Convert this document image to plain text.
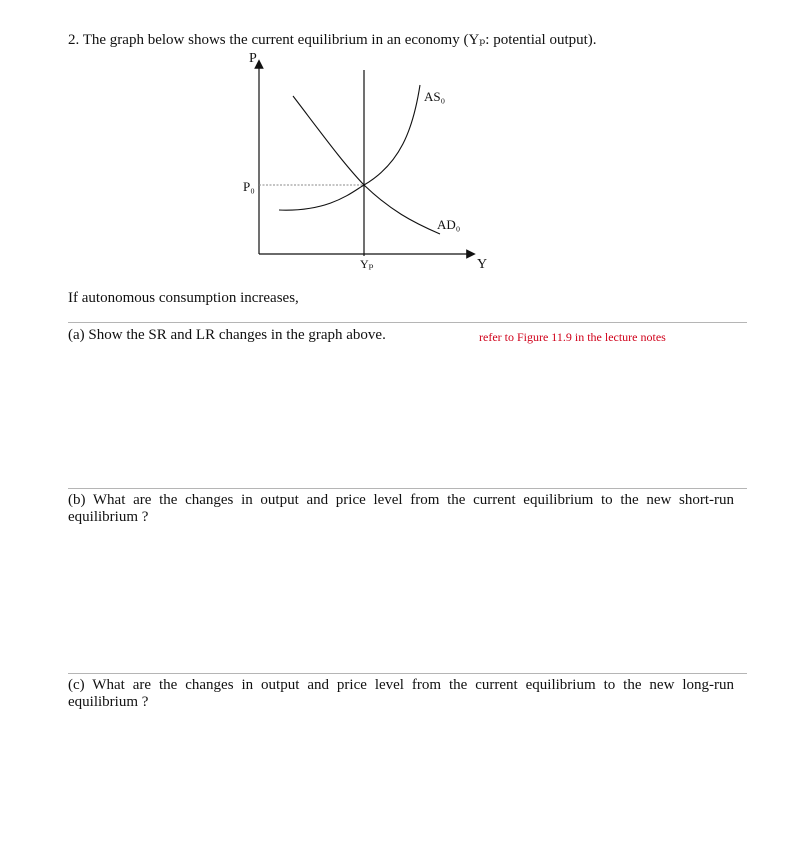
2. The graph below shows the current equilibrium in an economy (Yₚ: potential output).
P
Y
P₀
Yₚ
AS₀
AD₀
If autonomous consumption increases,
(a) Show the SR and LR changes in the graph above.	refer to Figure 11.9 in the lecture notes
(b) What are the changes in output and price level from the current equilibrium to the new short-run equilibrium ?
(c) What are the changes in output and price level from the current equilibrium to the new long-run equilibrium ?
